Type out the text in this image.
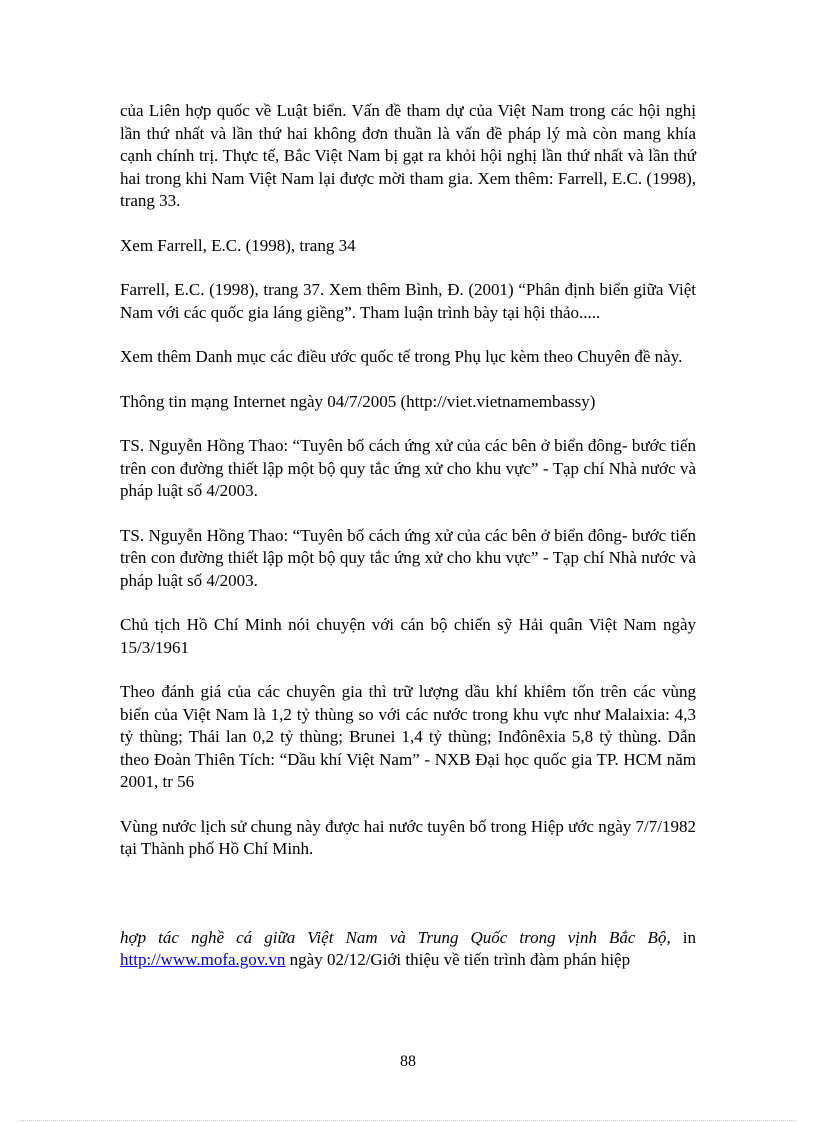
của Liên hợp quốc về Luật biển. Vấn đề tham dự của Việt Nam trong các hội nghị lần thứ nhất và lần thứ hai không đơn thuần là vấn đề pháp lý mà còn mang khía cạnh chính trị. Thực tế, Bắc Việt Nam bị gạt ra khỏi hội nghị lần thứ nhất và lần thứ hai trong khi Nam Việt Nam lại được mời tham gia. Xem thêm: Farrell, E.C. (1998), trang 33.

Xem Farrell, E.C. (1998), trang 34

Farrell, E.C. (1998), trang 37. Xem thêm Bình, Đ. (2001) “Phân định biển giữa Việt Nam với các quốc gia láng giềng”. Tham luận trình bày tại hội thảo.....

Xem thêm Danh mục các điều ước quốc tế trong Phụ lục kèm theo Chuyên đề này.

Thông tin mạng Internet ngày 04/7/2005 (http://viet.vietnamembassy)

TS. Nguyễn Hồng Thao: “Tuyên bố cách ứng xử của các bên ở biển đông- bước tiến trên con đường thiết lập một bộ quy tắc ứng xử cho khu vực” - Tạp chí Nhà nước và pháp luật số 4/2003.

TS. Nguyễn Hồng Thao: “Tuyên bố cách ứng xử của các bên ở biển đông- bước tiến trên con đường thiết lập một bộ quy tắc ứng xử cho khu vực” - Tạp chí Nhà nước và pháp luật số 4/2003.

Chủ tịch Hồ Chí Minh nói chuyện với cán bộ chiến sỹ Hải quân Việt Nam ngày 15/3/1961

Theo đánh giá của các chuyên gia thì trữ lượng dầu khí khiêm tốn trên các vùng biển của Việt Nam là 1,2 tỷ thùng so với các nước trong khu vực như Malaixia: 4,3 tỷ thùng; Thái lan 0,2 tỷ thùng; Brunei 1,4 tỷ thùng; Inđônêxia 5,8 tỷ thùng. Dẫn theo Đoàn Thiên Tích: “Dầu khí Việt Nam” - NXB Đại học quốc gia TP. HCM năm 2001, tr 56

Vùng nước lịch sử chung này được hai nước tuyên bố trong Hiệp ước ngày 7/7/1982 tại Thành phố Hồ Chí Minh.

hợp tác nghề cá giữa Việt Nam và Trung Quốc trong vịnh Bắc Bộ, in http://www.mofa.gov.vn ngày 02/12/Giới thiệu về tiến trình đàm phán hiệp

88
